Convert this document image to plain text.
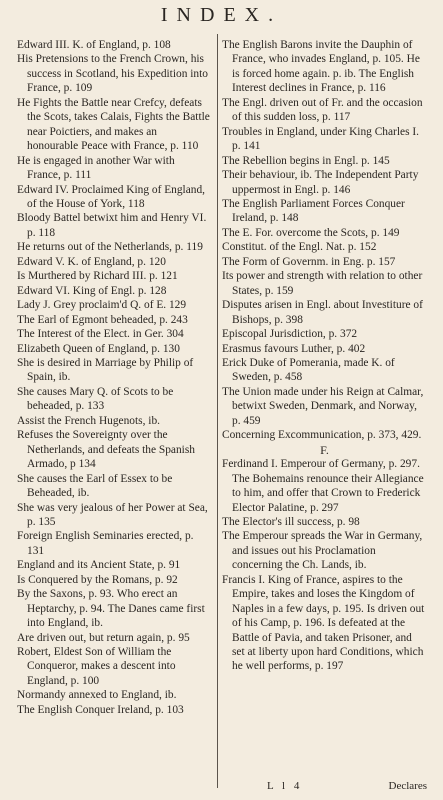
INDEX.
Edward III. K. of England, p. 108
His Pretensions to the French Crown, his success in Scotland, his Expedition into France, p. 109
He Fights the Battle near Crefcy, defeats the Scots, takes Calais, Fights the Battle near Poictiers, and makes an honourable Peace with France, p. 110
He is engaged in another War with France, p. 111
Edward IV. Proclaimed King of England, of the House of York, 118
Bloody Battel betwixt him and Henry VI. p. 118
He returns out of the Netherlands, p. 119
Edward V. K. of England, p. 120
Is Murthered by Richard III. p. 121
Edward VI. King of Engl. p. 128
Lady J. Grey proclaim'd Q. of E. 129
The Earl of Egmont beheaded, p. 243
The Interest of the Elect. in Ger. 304
Elizabeth Queen of England, p. 130
She is desired in Marriage by Philip of Spain, ib.
She causes Mary Q. of Scots to be beheaded, p. 133
Assist the French Hugenots, ib.
Refuses the Sovereignty over the Netherlands, and defeats the Spanish Armado, p 134
She causes the Earl of Essex to be Beheaded, ib.
She was very jealous of her Power at Sea, p. 135
Foreign English Seminaries erected, p. 131
England and its Ancient State, p. 91
Is Conquered by the Romans, p. 92
By the Saxons, p. 93. Who erect an Heptarchy, p. 94. The Danes came first into England, ib.
Are driven out, but return again, p. 95
Robert, Eldest Son of William the Conqueror, makes a descent into England, p. 100
Normandy annexed to England, ib.
The English Conquer Ireland, p. 103
The English Barons invite the Dauphin of France, who invades England, p. 105. He is forced home again. p. ib. The English Interest declines in France, p. 116
The Engl. driven out of Fr. and the occasion of this sudden loss, p. 117
Troubles in England, under King Charles I. p. 141
The Rebellion begins in Engl. p. 145
Their behaviour, ib. The Independent Party uppermost in Engl. p. 146
The English Parliament Forces Conquer Ireland, p. 148
The E. For. overcome the Scots, p. 149
Constitut. of the Engl. Nat. p. 152
The Form of Governm. in Eng. p. 157
Its power and strength with relation to other States, p. 159
Disputes arisen in Engl. about Investiture of Bishops, p. 398
Episcopal Jurisdiction, p. 372
Erasmus favours Luther, p. 402
Erick Duke of Pomerania, made K. of Sweden, p. 458
The Union made under his Reign at Calmar, betwixt Sweden, Denmark, and Norway, p. 459
Concerning Excommunication, p. 373, 429.
F.
Ferdinand I. Emperour of Germany, p. 297. The Bohemains renounce their Allegiance to him, and offer that Crown to Frederick Elector Palatine, p. 297
The Elector's ill success, p. 98
The Emperour spreads the War in Germany, and issues out his Proclamation concerning the Ch. Lands, ib.
Francis I. King of France, aspires to the Empire, takes and loses the Kingdom of Naples in a few days, p. 195. Is driven out of his Camp, p. 196. Is defeated at the Battle of Pavia, and taken Prisoner, and set at liberty upon hard Conditions, which he well performs, p. 197
L l 4	Declares
